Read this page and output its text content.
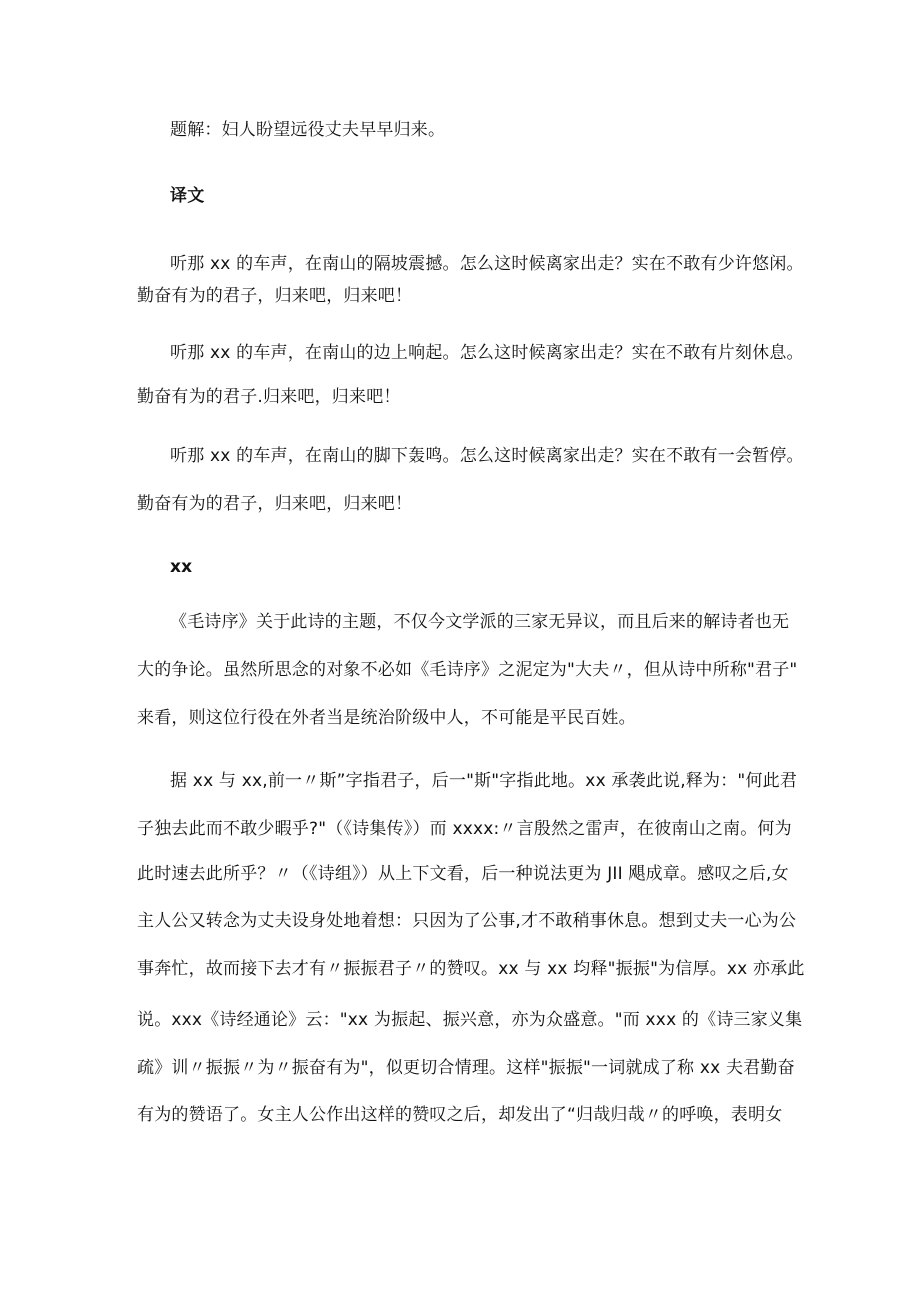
题解：妇人盼望远役丈夫早早归来。
译文
听那 xx 的车声，在南山的隔坡震撼。怎么这时候离家出走？实在不敢有少许悠闲。
勤奋有为的君子，归来吧，归来吧！
听那 xx 的车声，在南山的边上响起。怎么这时候离家出走？实在不敢有片刻休息。
勤奋有为的君子.归来吧，归来吧！
听那 xx 的车声，在南山的脚下轰鸣。怎么这时候离家出走？实在不敢有一会暂停。
勤奋有为的君子，归来吧，归来吧！
xx
《毛诗序》关于此诗的主题，不仅今文学派的三家无异议，而且后来的解诗者也无
大的争论。虽然所思念的对象不必如《毛诗序》之泥定为"大夫〃，但从诗中所称"君子"
来看，则这位行役在外者当是统治阶级中人，不可能是平民百姓。
据 xx 与 xx,前一〃斯”字指君子，后一"斯"字指此地。xx 承袭此说,释为："何此君
子独去此而不敢少暇乎?"（《诗集传》）而 xxxx:〃言殷然之雷声，在彼南山之南。何为
此时速去此所乎？〃（《诗组》）从上下文看，后一种说法更为 JII 飓成章。感叹之后,女
主人公又转念为丈夫设身处地着想：只因为了公事,才不敢稍事休息。想到丈夫一心为公
事奔忙，故而接下去才有〃振振君子〃的赞叹。xx 与 xx 均释"振振"为信厚。xx 亦承此
说。xxx《诗经通论》云："xx 为振起、振兴意，亦为众盛意。"而 xxx 的《诗三家义集
疏》训〃振振〃为〃振奋有为"，似更切合情理。这样"振振"一词就成了称 xx 夫君勤奋
有为的赞语了。女主人公作出这样的赞叹之后，却发出了“归哉归哉〃的呼唤，表明女
